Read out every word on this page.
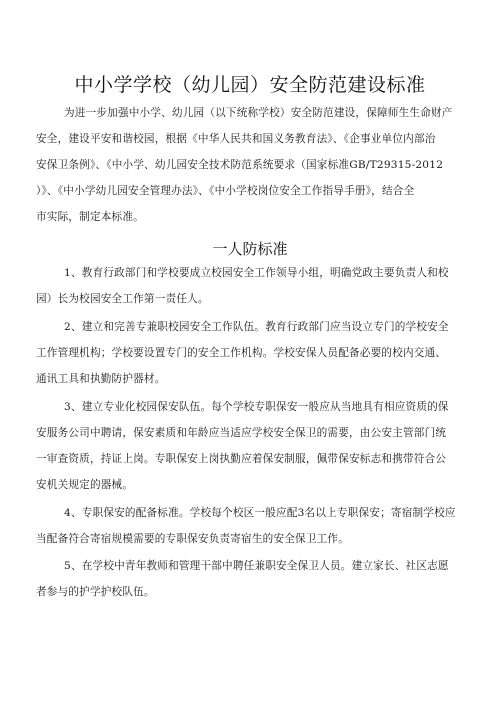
中小学学校（幼儿园）安全防范建设标准
为进一步加强中小学、幼儿园（以下统称学校）安全防范建设，保障师生生命财产
安全，建设平安和谐校园，根据《中华人民共和国义务教育法》、《企事业单位内部治
安保卫条例》、《中小学、幼儿园安全技术防范系统要求（国家标准GB/T29315-2012
）》、《中小学幼儿园安全管理办法》、《中小学校岗位安全工作指导手册》，结合全
市实际，制定本标准。
一人防标准
1、教育行政部门和学校要成立校园安全工作领导小组，明确党政主要负责人和校
园）长为校园安全工作第一责任人。
2、建立和完善专兼职校园安全工作队伍。教育行政部门应当设立专门的学校安全
工作管理机构；学校要设置专门的安全工作机构。学校安保人员配备必要的校内交通、
通讯工具和执勤防护器材。
3、建立专业化校园保安队伍。每个学校专职保安一般应从当地具有相应资质的保
安服务公司中聘请，保安素质和年龄应当适应学校安全保卫的需要，由公安主管部门统
一审查资质，持证上岗。专职保安上岗执勤应着保安制服，佩带保安标志和携带符合公
安机关规定的器械。
4、专职保安的配备标准。学校每个校区一般应配3名以上专职保安；寄宿制学校应
当配备符合寄宿规模需要的专职保安负责寄宿生的安全保卫工作。
5、在学校中青年教师和管理干部中聘任兼职安全保卫人员。建立家长、社区志愿
者参与的护学护校队伍。
